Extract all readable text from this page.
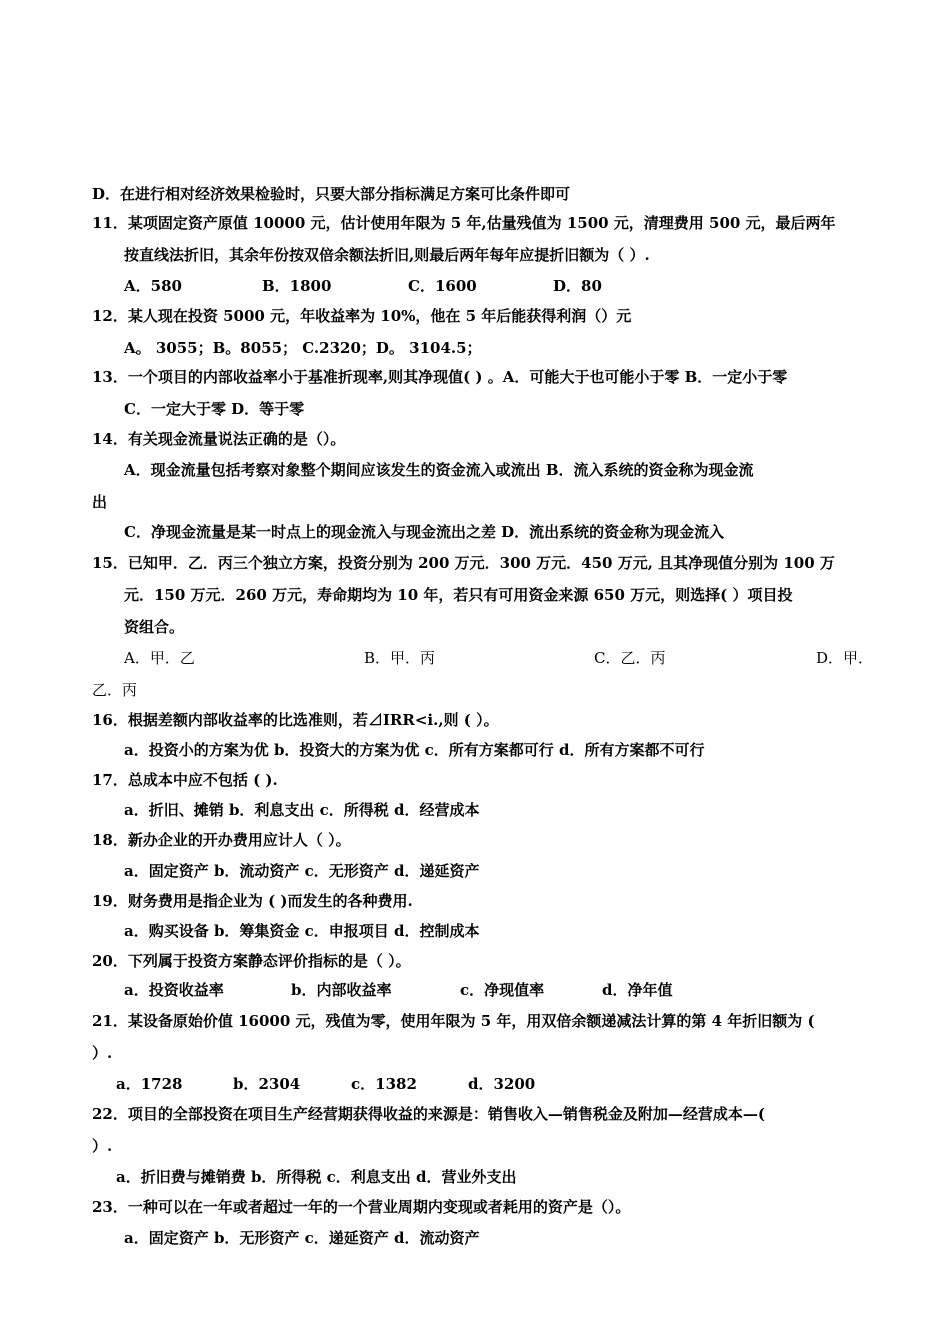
D．在进行相对经济效果检验时，只要大部分指标满足方案可比条件即可
11．某项固定资产原值 10000 元，估计使用年限为 5 年,估量残值为 1500 元，清理费用 500 元，最后两年
按直线法折旧，其余年份按双倍余额法折旧,则最后两年每年应提折旧额为（ ）.
A．580	B．1800	C．1600	D．80
12．某人现在投资 5000 元，年收益率为 10%，他在 5 年后能获得利润（）元
A。 3055；B。8055； C.2320；D。 3104.5；
13．一个项目的内部收益率小于基准折现率,则其净现值( ) 。A．可能大于也可能小于零 B．一定小于零
C．一定大于零 D．等于零
14．有关现金流量说法正确的是（）。
A．现金流量包括考察对象整个期间应该发生的资金流入或流出 B．流入系统的资金称为现金流
出
C．净现金流量是某一时点上的现金流入与现金流出之差 D．流出系统的资金称为现金流入
15．已知甲．乙．丙三个独立方案，投资分别为 200 万元．300 万元．450 万元, 且其净现值分别为 100 万
元．150 万元．260 万元，寿命期均为 10 年，若只有可用资金来源 650 万元，则选择( ）项目投
资组合。
A．甲．乙	B．甲．丙	C．乙．丙	D．甲．
乙．丙
16．根据差额内部收益率的比选准则，若⊿IRR<i.,则 ( ）。
a．投资小的方案为优 b．投资大的方案为优 c．所有方案都可行 d．所有方案都不可行
17．总成本中应不包括 ( ).
a．折旧、摊销 b．利息支出 c．所得税 d．经营成本
18．新办企业的开办费用应计人（ ）。
a．固定资产 b．流动资产 c．无形资产 d．递延资产
19．财务费用是指企业为 ( )而发生的各种费用.
a．购买设备 b．筹集资金 c．申报项目 d．控制成本
20．下列属于投资方案静态评价指标的是（ ）。
a．投资收益率	b．内部收益率	c．净现值率	d．净年值
21．某设备原始价值 16000 元，残值为零，使用年限为 5 年，用双倍余额递减法计算的第 4 年折旧额为 (
）.
a．1728	b．2304	c．1382	d．3200
22．项目的全部投资在项目生产经营期获得收益的来源是：销售收入—销售税金及附加—经营成本—(
）.
a．折旧费与摊销费 b．所得税 c．利息支出 d．营业外支出
23．一种可以在一年或者超过一年的一个营业周期内变现或者耗用的资产是（）。
a．固定资产 b．无形资产 c．递延资产 d．流动资产
